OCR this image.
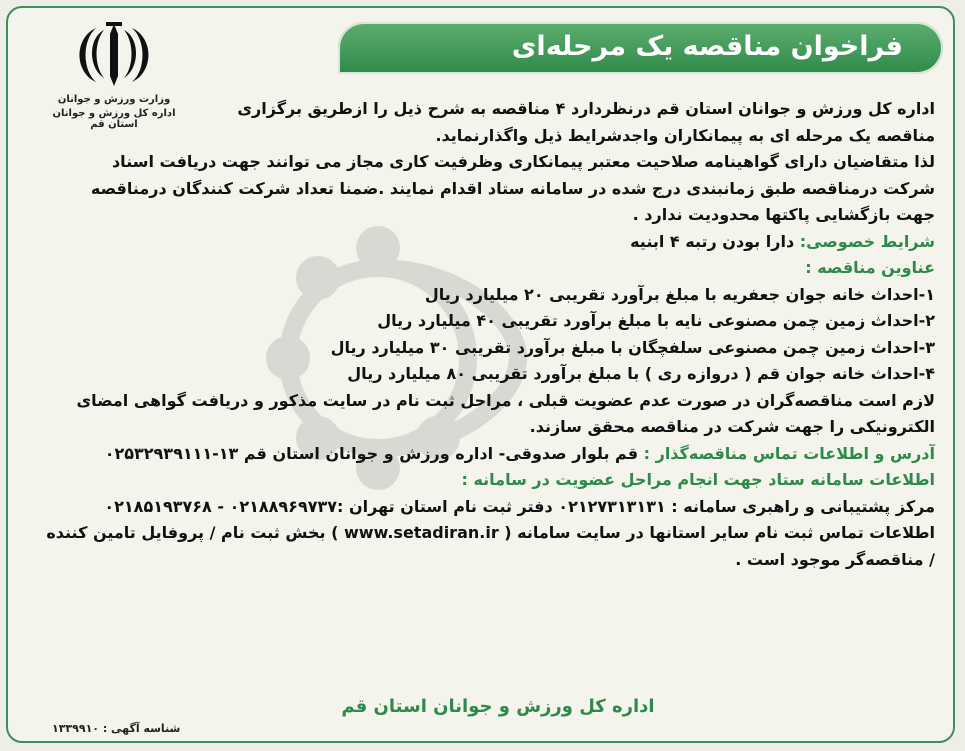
فراخوان مناقصه یک مرحله‌ای
وزارت ورزش و جوانان
اداره کل ورزش و جوانان استان قم
اداره کل ورزش و جوانان استان قم درنظردارد ۴ مناقصه به شرح ذیل را ازطریق برگزاری
مناقصه یک مرحله ای به پیمانکاران واجدشرایط ذیل واگذارنماید.
لذا متقاضیان دارای گواهینامه صلاحیت معتبر پیمانکاری وظرفیت کاری مجاز می توانند جهت دریافت اسناد
شرکت درمناقصه طبق زمانبندی درج شده در سامانه ستاد اقدام نمایند .ضمنا تعداد شرکت کنندگان درمناقصه
جهت بازگشایی پاکتها محدودیت ندارد .
شرایط خصوصی: دارا بودن رتبه ۴ ابنیه
عناوین مناقصه :
۱-احداث خانه جوان جعفریه با مبلغ برآورد تقریبی ۲۰ میلیارد ریال
۲-احداث زمین چمن مصنوعی نایه با مبلغ برآورد تقریبی ۴۰ میلیارد ریال
۳-احداث زمین چمن مصنوعی سلفچگان با مبلغ برآورد تقریبی ۳۰ میلیارد ریال
۴-احداث خانه جوان قم ( دروازه ری ) با مبلغ برآورد تقریبی ۸۰ میلیارد ریال
لازم است مناقصه‌گران در صورت عدم عضویت قبلی ، مراحل ثبت نام در سایت مذکور و دریافت گواهی امضای
الکترونیکی را جهت شرکت در مناقصه محقق سازند.
آدرس و اطلاعات تماس مناقصه‌گذار : قم بلوار صدوقی- اداره ورزش و جوانان استان قم ۱۳-۰۲۵۳۲۹۳۹۱۱۱
اطلاعات سامانه ستاد جهت انجام مراحل عضویت در سامانه :
مرکز پشتیبانی و راهبری سامانه : ۰۲۱۲۷۳۱۳۱۳۱ دفتر ثبت نام استان تهران :۰۲۱۸۸۹۶۹۷۳۷ - ۰۲۱۸۵۱۹۳۷۶۸
اطلاعات تماس ثبت نام سایر استانها در سایت سامانه ( www.setadiran.ir ) بخش ثبت نام / پروفایل تامین کننده
/ مناقصه‌گر موجود است .
اداره کل ورزش و جوانان استان قم
شناسه آگهی : ۱۳۳۹۹۱۰
